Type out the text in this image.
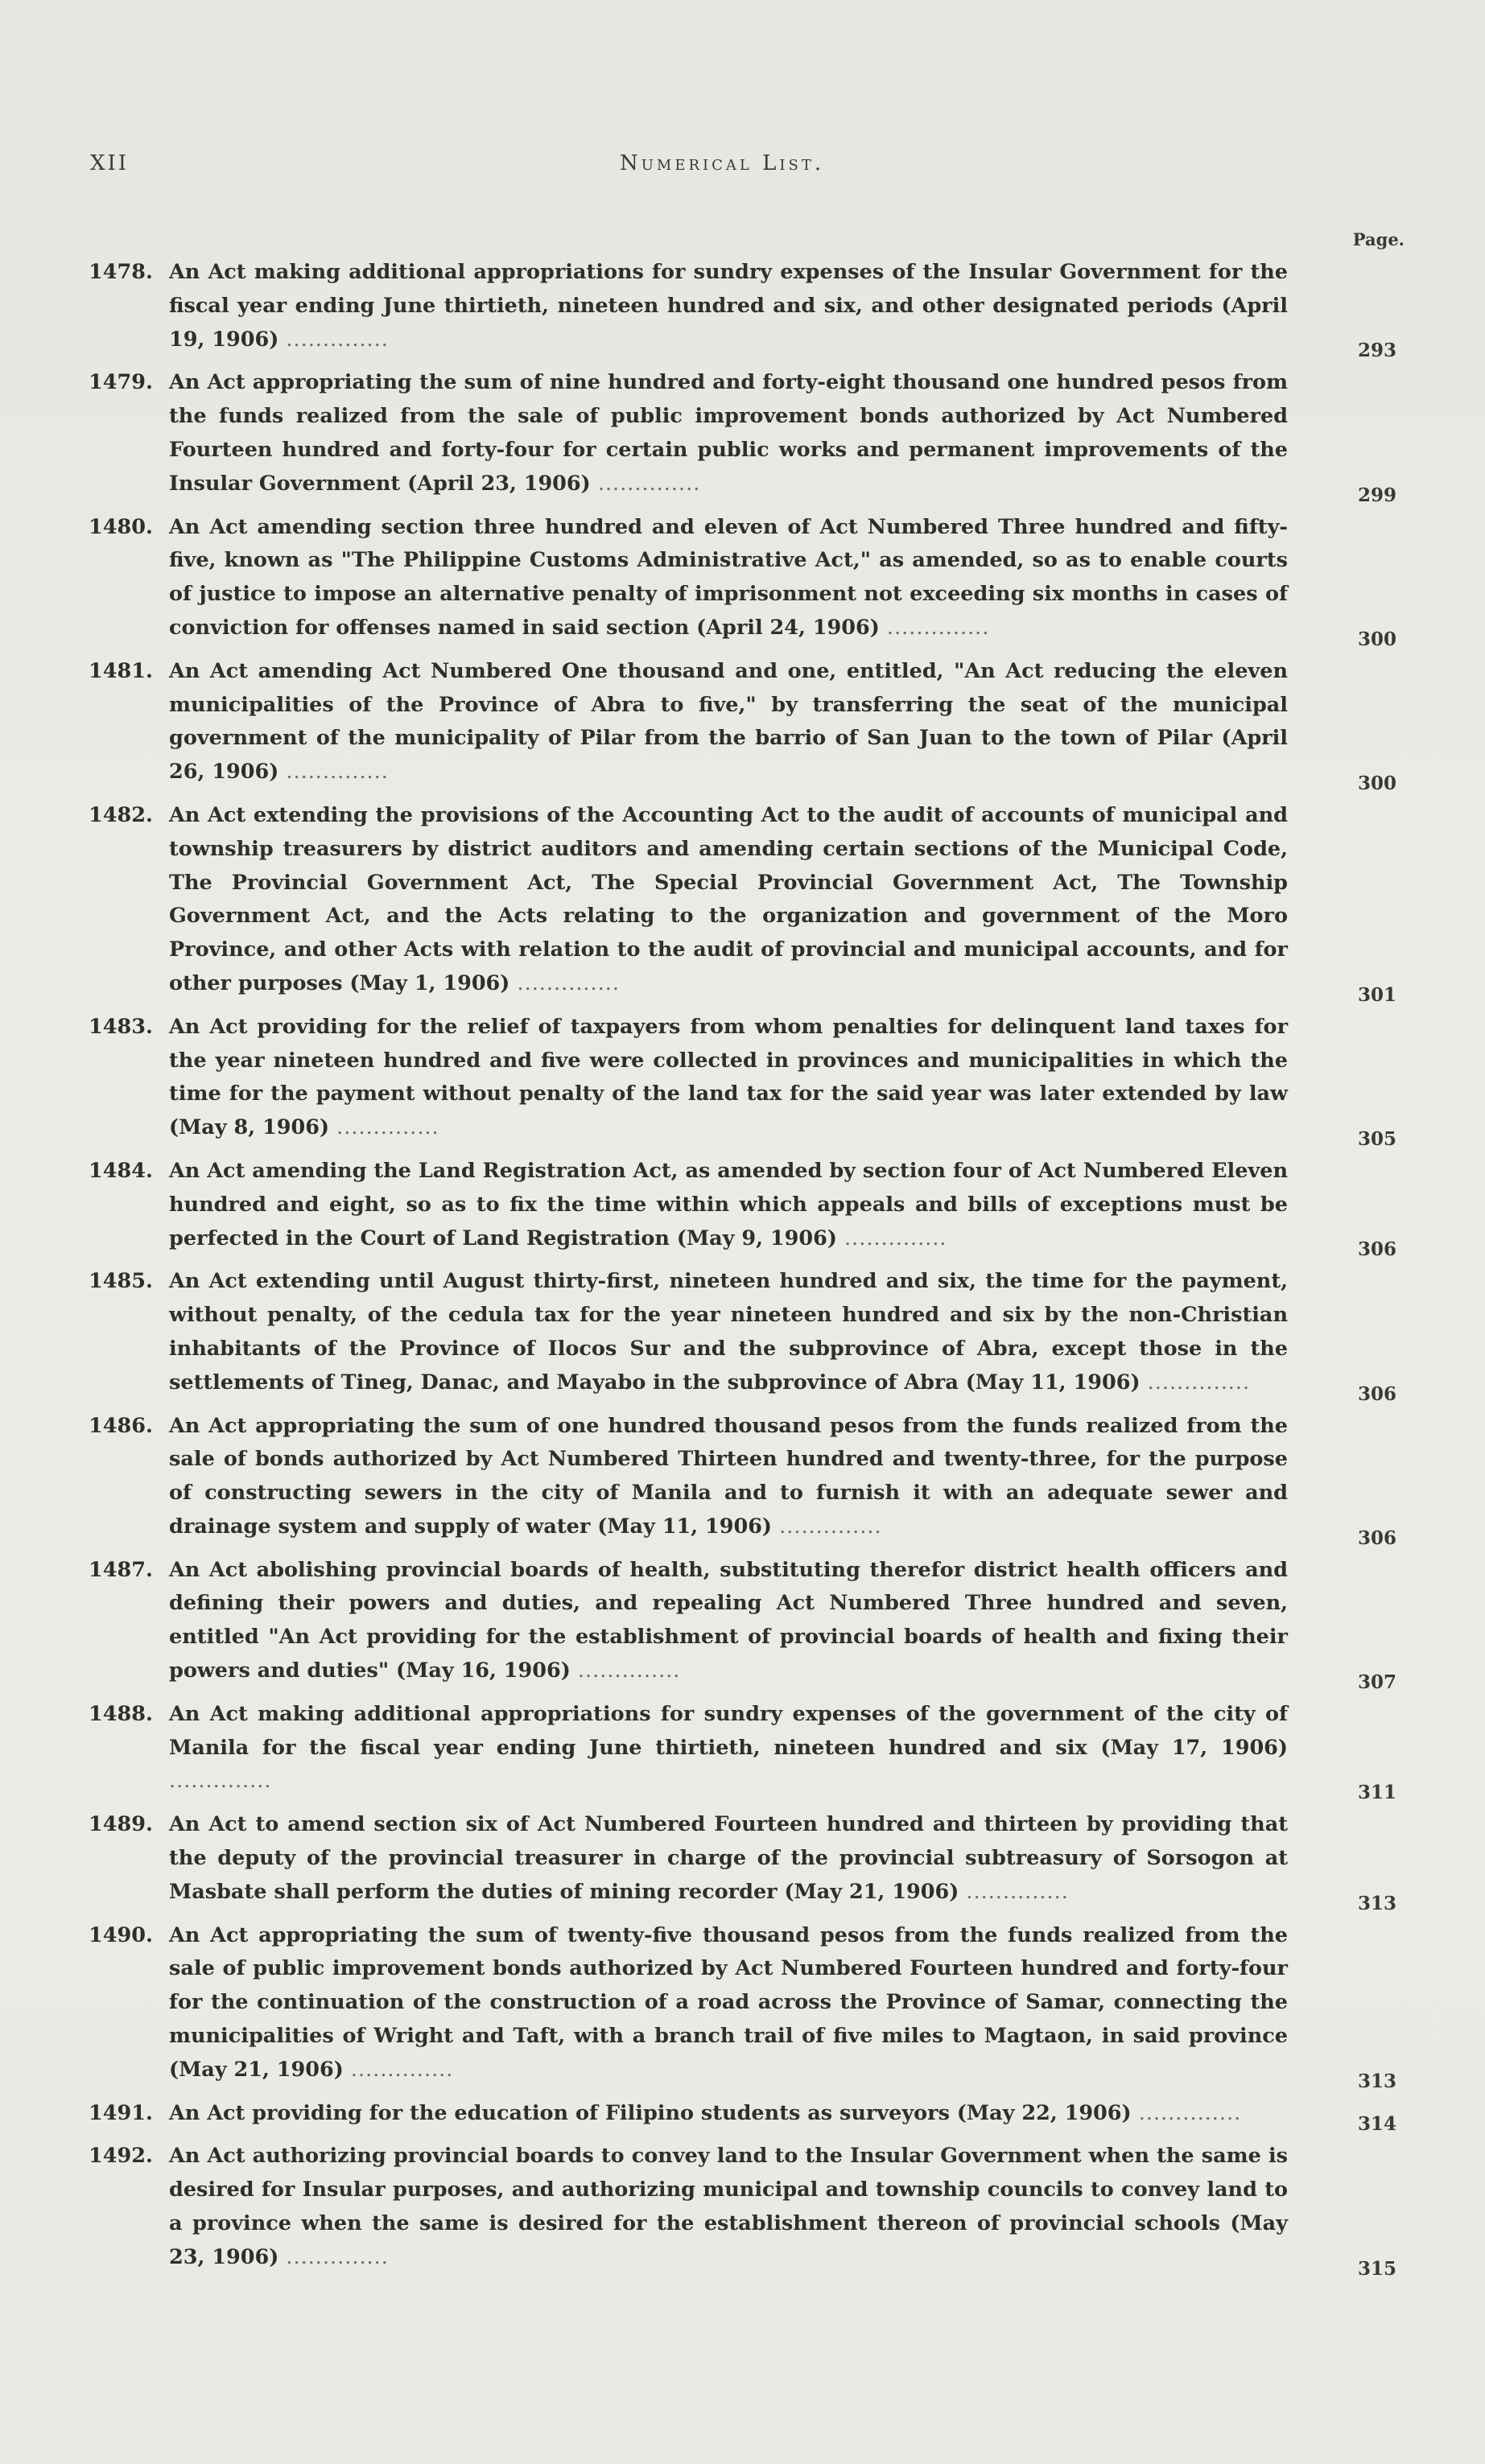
XII	Numerical List.
Page.
1478. An Act making additional appropriations for sundry expenses of the Insular Government for the fiscal year ending June thirtieth, nineteen hundred and six, and other designated periods (April 19, 1906) ..............	293
1479. An Act appropriating the sum of nine hundred and forty-eight thousand one hundred pesos from the funds realized from the sale of public improvement bonds authorized by Act Numbered Fourteen hundred and forty-four for certain public works and permanent improvements of the Insular Government (April 23, 1906) ..............	299
1480. An Act amending section three hundred and eleven of Act Numbered Three hundred and fifty-five, known as "The Philippine Customs Administrative Act," as amended, so as to enable courts of justice to impose an alternative penalty of imprisonment not exceeding six months in cases of conviction for offenses named in said section (April 24, 1906) ..............	300
1481. An Act amending Act Numbered One thousand and one, entitled, "An Act reducing the eleven municipalities of the Province of Abra to five," by transferring the seat of the municipal government of the municipality of Pilar from the barrio of San Juan to the town of Pilar (April 26, 1906) ..............	300
1482. An Act extending the provisions of the Accounting Act to the audit of accounts of municipal and township treasurers by district auditors and amending certain sections of the Municipal Code, The Provincial Government Act, The Special Provincial Government Act, The Township Government Act, and the Acts relating to the organization and government of the Moro Province, and other Acts with relation to the audit of provincial and municipal accounts, and for other purposes (May 1, 1906) ..............	301
1483. An Act providing for the relief of taxpayers from whom penalties for delinquent land taxes for the year nineteen hundred and five were collected in provinces and municipalities in which the time for the payment without penalty of the land tax for the said year was later extended by law (May 8, 1906) ..............	305
1484. An Act amending the Land Registration Act, as amended by section four of Act Numbered Eleven hundred and eight, so as to fix the time within which appeals and bills of exceptions must be perfected in the Court of Land Registration (May 9, 1906) ..............	306
1485. An Act extending until August thirty-first, nineteen hundred and six, the time for the payment, without penalty, of the cedula tax for the year nineteen hundred and six by the non-Christian inhabitants of the Province of Ilocos Sur and the subprovince of Abra, except those in the settlements of Tineg, Danac, and Mayabo in the subprovince of Abra (May 11, 1906) ..............	306
1486. An Act appropriating the sum of one hundred thousand pesos from the funds realized from the sale of bonds authorized by Act Numbered Thirteen hundred and twenty-three, for the purpose of constructing sewers in the city of Manila and to furnish it with an adequate sewer and drainage system and supply of water (May 11, 1906) ..............	306
1487. An Act abolishing provincial boards of health, substituting therefor district health officers and defining their powers and duties, and repealing Act Numbered Three hundred and seven, entitled "An Act providing for the establishment of provincial boards of health and fixing their powers and duties" (May 16, 1906) ..............	307
1488. An Act making additional appropriations for sundry expenses of the government of the city of Manila for the fiscal year ending June thirtieth, nineteen hundred and six (May 17, 1906) ..............	311
1489. An Act to amend section six of Act Numbered Fourteen hundred and thirteen by providing that the deputy of the provincial treasurer in charge of the provincial subtreasury of Sorsogon at Masbate shall perform the duties of mining recorder (May 21, 1906) ..............	313
1490. An Act appropriating the sum of twenty-five thousand pesos from the funds realized from the sale of public improvement bonds authorized by Act Numbered Fourteen hundred and forty-four for the continuation of the construction of a road across the Province of Samar, connecting the municipalities of Wright and Taft, with a branch trail of five miles to Magtaon, in said province (May 21, 1906) ..............	313
1491. An Act providing for the education of Filipino students as surveyors (May 22, 1906) ..............	314
1492. An Act authorizing provincial boards to convey land to the Insular Government when the same is desired for Insular purposes, and authorizing municipal and township councils to convey land to a province when the same is desired for the establishment thereon of provincial schools (May 23, 1906) ..............	315
